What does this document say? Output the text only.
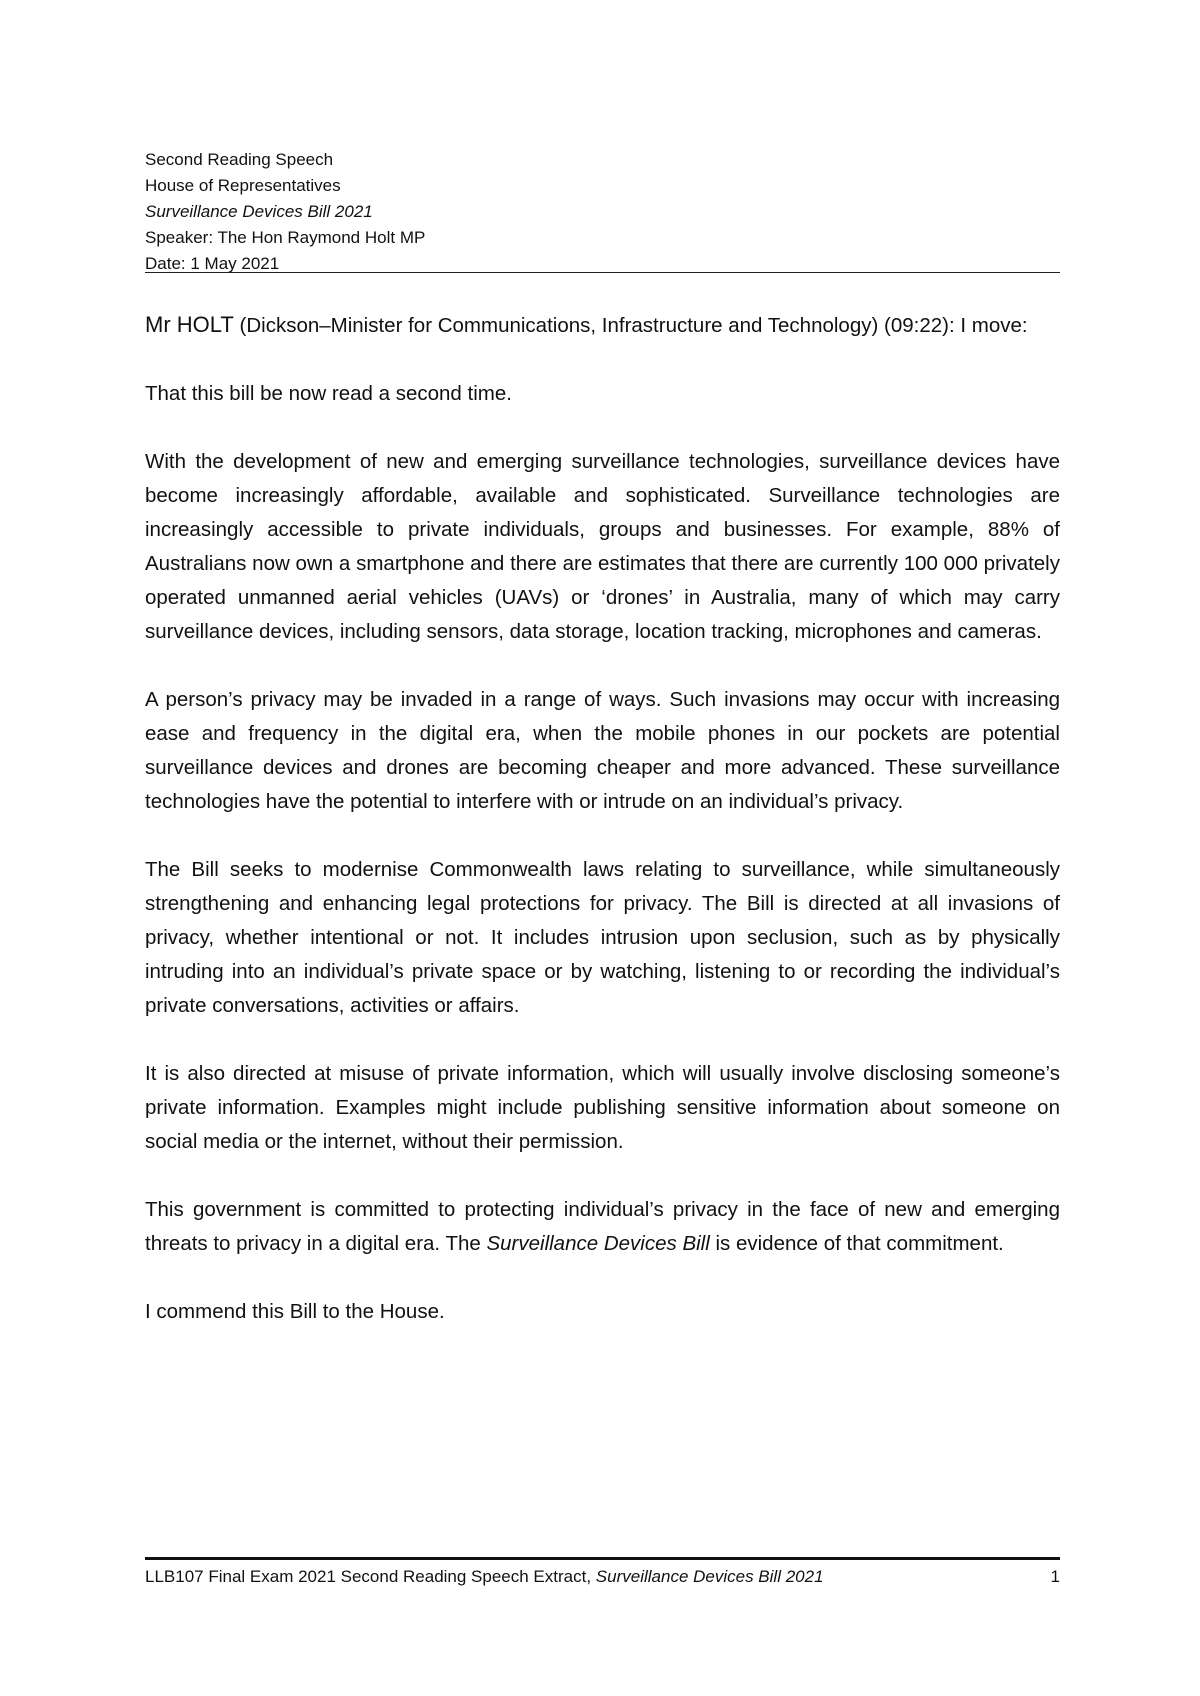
Second Reading Speech
House of Representatives
Surveillance Devices Bill 2021
Speaker: The Hon Raymond Holt MP
Date: 1 May 2021

Mr HOLT (Dickson–Minister for Communications, Infrastructure and Technology) (09:22): I move:

That this bill be now read a second time.

With the development of new and emerging surveillance technologies, surveillance devices have become increasingly affordable, available and sophisticated. Surveillance technologies are increasingly accessible to private individuals, groups and businesses. For example, 88% of Australians now own a smartphone and there are estimates that there are currently 100 000 privately operated unmanned aerial vehicles (UAVs) or ‘drones’ in Australia, many of which may carry surveillance devices, including sensors, data storage, location tracking, microphones and cameras.

A person’s privacy may be invaded in a range of ways. Such invasions may occur with increasing ease and frequency in the digital era, when the mobile phones in our pockets are potential surveillance devices and drones are becoming cheaper and more advanced. These surveillance technologies have the potential to interfere with or intrude on an individual’s privacy.

The Bill seeks to modernise Commonwealth laws relating to surveillance, while simultaneously strengthening and enhancing legal protections for privacy. The Bill is directed at all invasions of privacy, whether intentional or not. It includes intrusion upon seclusion, such as by physically intruding into an individual’s private space or by watching, listening to or recording the individual’s private conversations, activities or affairs.

It is also directed at misuse of private information, which will usually involve disclosing someone’s private information. Examples might include publishing sensitive information about someone on social media or the internet, without their permission.

This government is committed to protecting individual’s privacy in the face of new and emerging threats to privacy in a digital era. The Surveillance Devices Bill is evidence of that commitment.

I commend this Bill to the House.

LLB107 Final Exam 2021 Second Reading Speech Extract, Surveillance Devices Bill 2021	1
